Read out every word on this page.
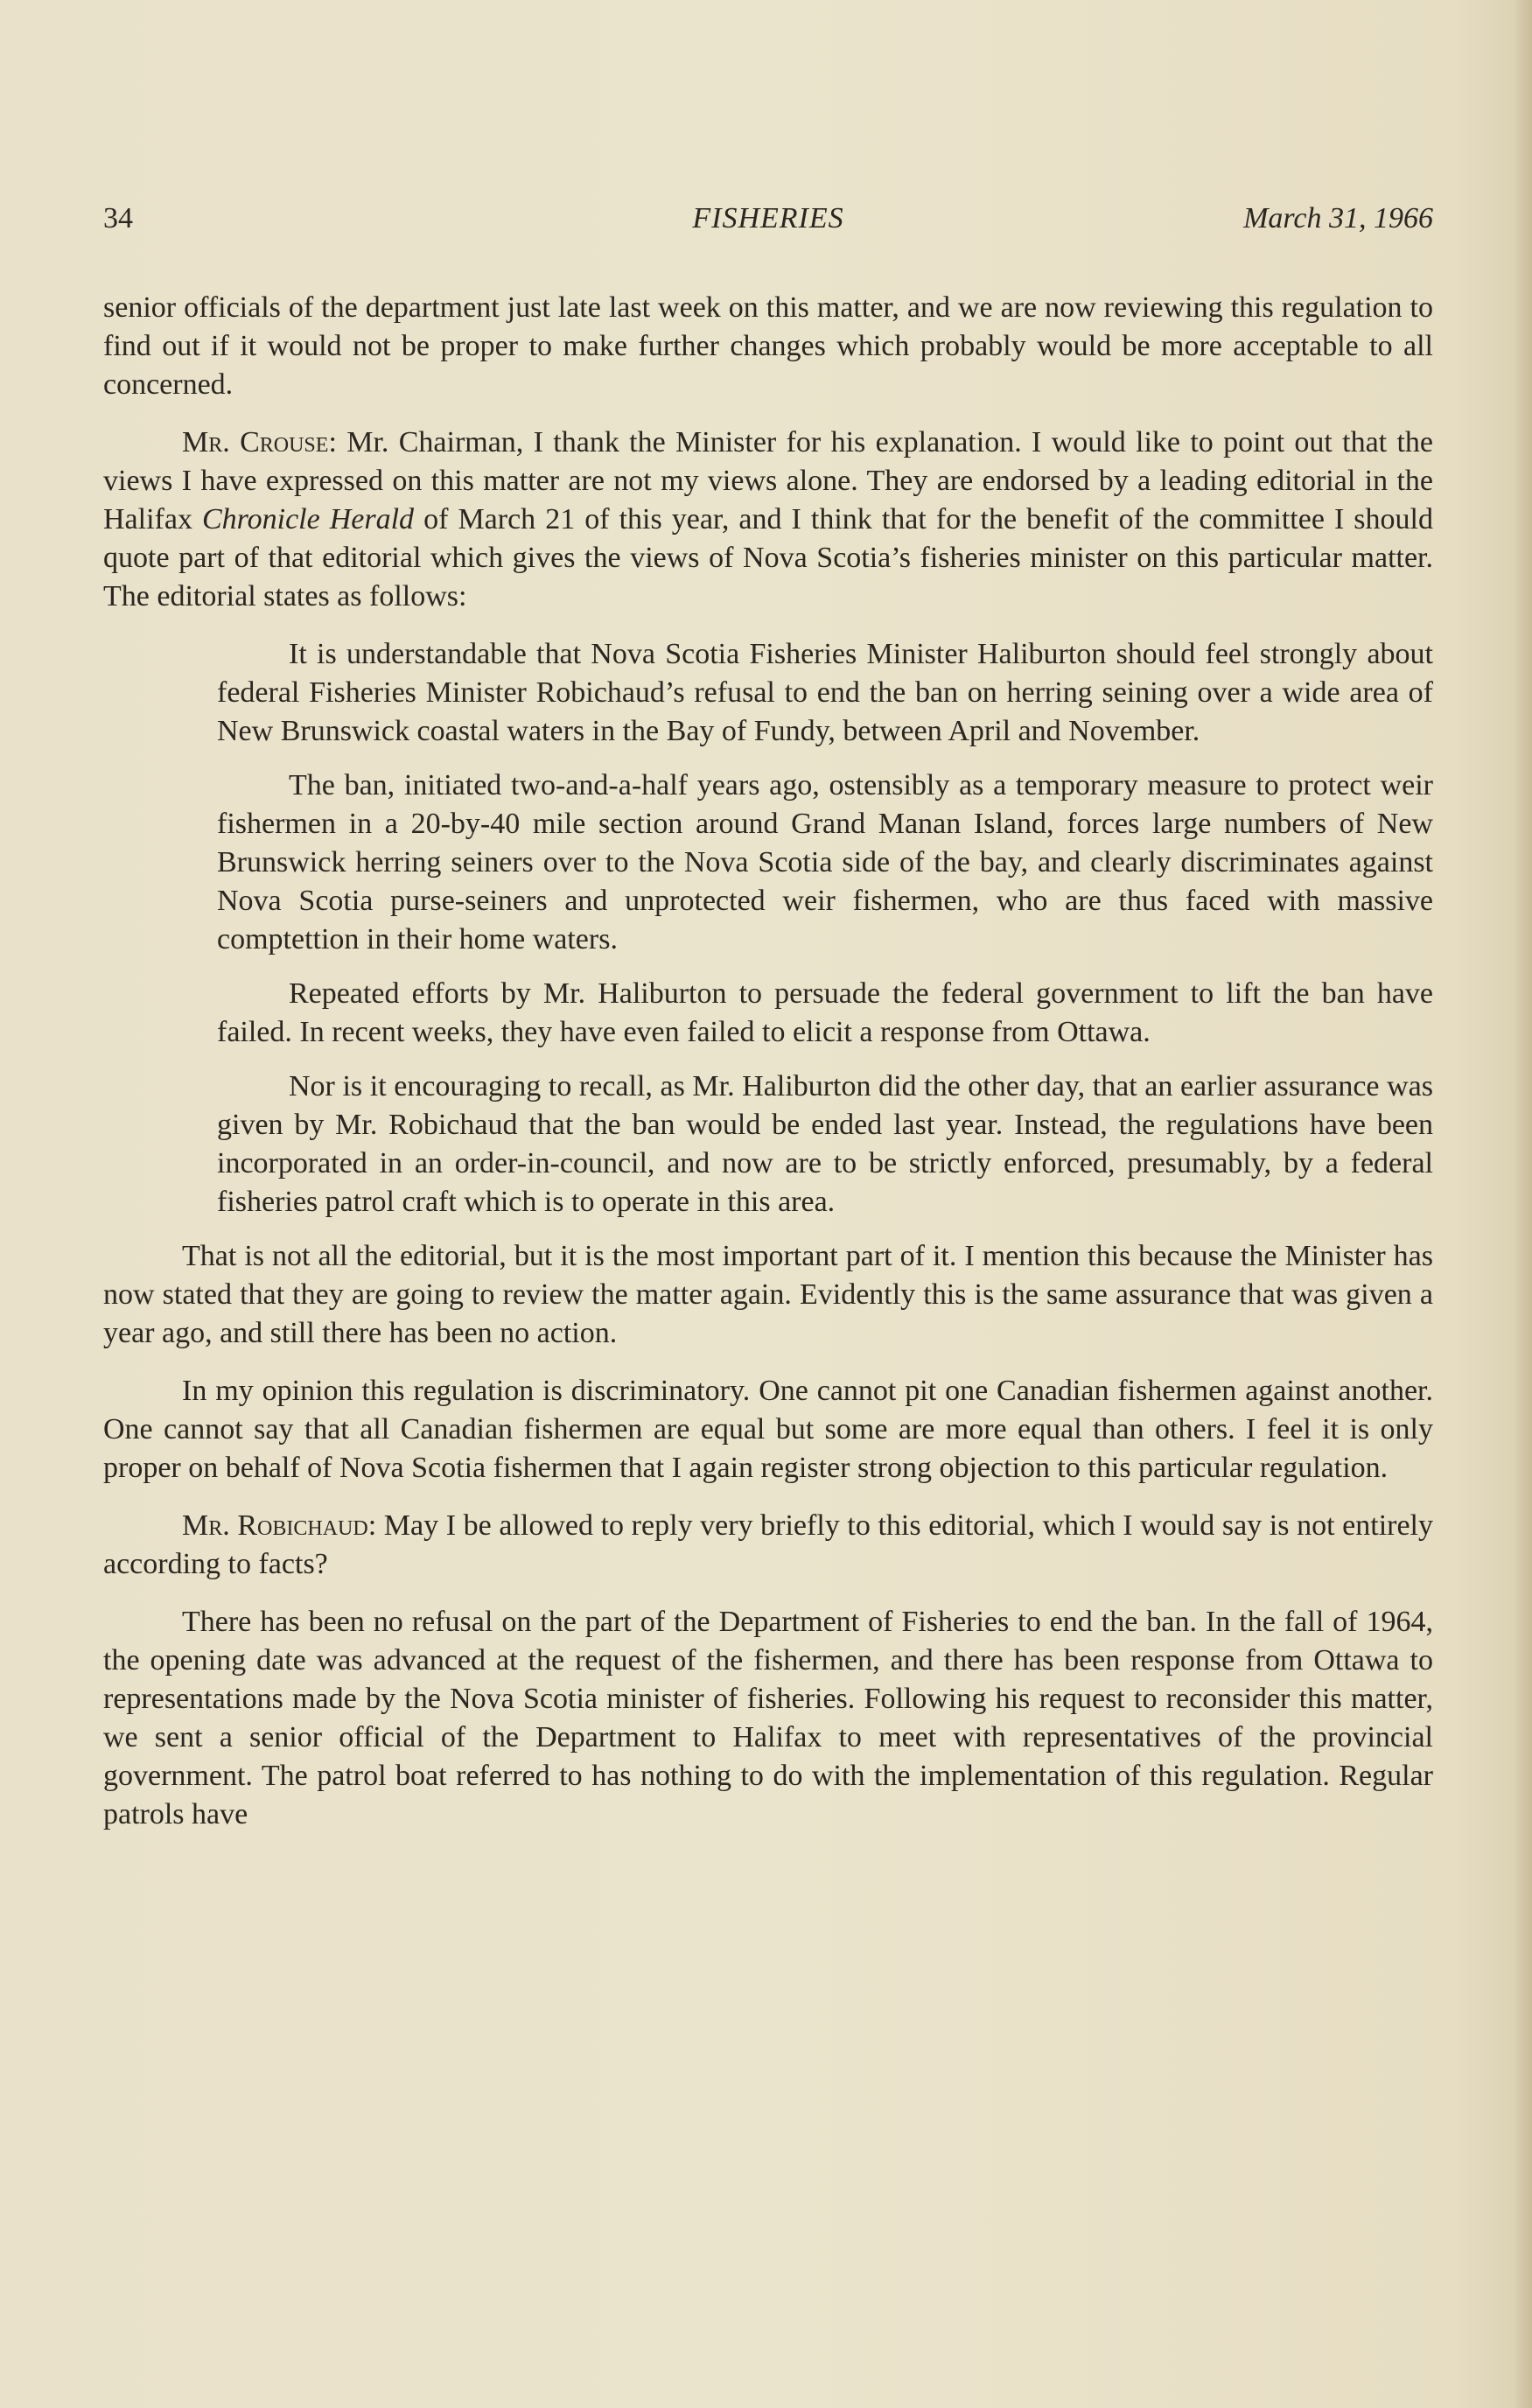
34	FISHERIES	March 31, 1966

senior officials of the department just late last week on this matter, and we are now reviewing this regulation to find out if it would not be proper to make further changes which probably would be more acceptable to all concerned.

Mr. Crouse: Mr. Chairman, I thank the Minister for his explanation. I would like to point out that the views I have expressed on this matter are not my views alone. They are endorsed by a leading editorial in the Halifax Chronicle Herald of March 21 of this year, and I think that for the benefit of the committee I should quote part of that editorial which gives the views of Nova Scotia’s fisheries minister on this particular matter. The editorial states as follows:

It is understandable that Nova Scotia Fisheries Minister Haliburton should feel strongly about federal Fisheries Minister Robichaud’s refusal to end the ban on herring seining over a wide area of New Brunswick coastal waters in the Bay of Fundy, between April and November.

The ban, initiated two-and-a-half years ago, ostensibly as a temporary measure to protect weir fishermen in a 20-by-40 mile section around Grand Manan Island, forces large numbers of New Brunswick herring seiners over to the Nova Scotia side of the bay, and clearly discriminates against Nova Scotia purse-seiners and unprotected weir fishermen, who are thus faced with massive comptettion in their home waters.

Repeated efforts by Mr. Haliburton to persuade the federal government to lift the ban have failed. In recent weeks, they have even failed to elicit a response from Ottawa.

Nor is it encouraging to recall, as Mr. Haliburton did the other day, that an earlier assurance was given by Mr. Robichaud that the ban would be ended last year. Instead, the regulations have been incorporated in an order-in-council, and now are to be strictly enforced, presumably, by a federal fisheries patrol craft which is to operate in this area.

That is not all the editorial, but it is the most important part of it. I mention this because the Minister has now stated that they are going to review the matter again. Evidently this is the same assurance that was given a year ago, and still there has been no action.

In my opinion this regulation is discriminatory. One cannot pit one Canadian fishermen against another. One cannot say that all Canadian fishermen are equal but some are more equal than others. I feel it is only proper on behalf of Nova Scotia fishermen that I again register strong objection to this particular regulation.

Mr. Robichaud: May I be allowed to reply very briefly to this editorial, which I would say is not entirely according to facts?

There has been no refusal on the part of the Department of Fisheries to end the ban. In the fall of 1964, the opening date was advanced at the request of the fishermen, and there has been response from Ottawa to representations made by the Nova Scotia minister of fisheries. Following his request to reconsider this matter, we sent a senior official of the Department to Halifax to meet with representatives of the provincial government. The patrol boat referred to has nothing to do with the implementation of this regulation. Regular patrols have
